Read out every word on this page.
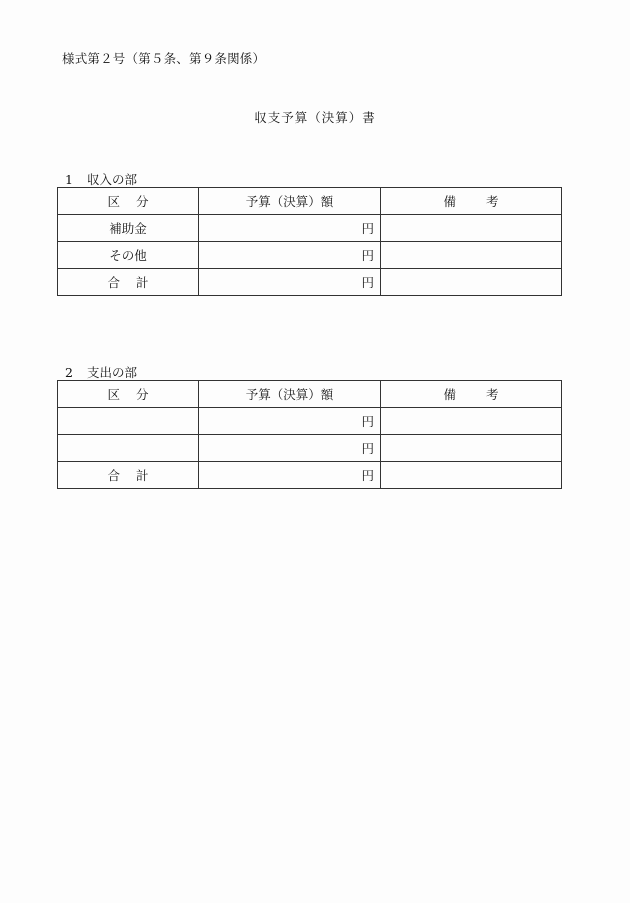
様式第２号（第５条、第９条関係）
収支予算（決算）書
1 収入の部
区分	予算（決算）額	備考
補助金	円	
その他	円	
合計	円	
2 支出の部
区分	予算（決算）額	備考
	円	
	円	
合計	円	
